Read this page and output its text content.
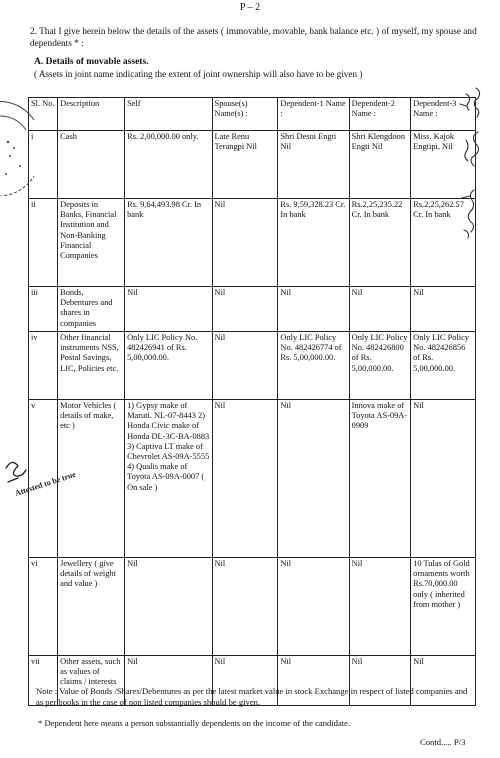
P – 2
2. That I give herein below the details of the assets ( immovable, movable, bank balance etc. ) of myself, my spouse and dependents * :
A. Details of movable assets.
( Assets in joint name indicating the extent of joint ownership will also have to be given )
Sl. No.	Description	Self	Spouse(s) Name(s) :	Dependent-1 Name :	Dependent-2 Name :	Dependent-3 Name :
i	Cash	Rs. 2,00,000.00 only.	Late Renu Terangpi Nil	Shri Desoi Engti Nil	Shri Klengdoon Engti Nil	Miss. Kajok Engtipi, Nil
ii	Deposits in Banks, Financial Institution and Non-Banking Financial Companies	Rs. 9,64,493.98 Cr. In bank	Nil	Rs. 9,59,328.23 Cr. In bank	Rs.2,25,235.22 Cr. In bank	Rs.2,25,262.57 Cr. In bank
iii	Bonds, Debentures and shares in companies	Nil	Nil	Nil	Nil	Nil
iv	Other financial instruments NSS, Postal Savings, LIC, Policies etc.	Only LIC Policy No. 482426941 of Rs. 5,00,000.00.	Nil	Only LIC Policy No. 482426774 of Rs. 5,00,000.00.	Only LIC Policy No. 482426800 of Rs. 5,00,000.00.	Only LIC Policy No. 482426856 of Rs. 5,00,000.00.
v	Motor Vehicles ( details of make, etc )	1) Gypsy make of Maruti. NL-07-8443 2) Honda Civic make of Honda DL-3C-BA-0883 3) Captiva LT make of Chevrolet AS-09A-5555 4) Qualis make of Toyota AS-09A-0007 ( On sale )	Nil	Nil	Innova make of Toyota AS-09A-0909	Nil
vi	Jewellery ( give details of weight and value )	Nil	Nil	Nil	Nil	10 Tulas of Gold ornaments worth Rs.70,000.00 only ( inherited from mother )
vii	Other assets, such as values of claims / interests	Nil	Nil	Nil	Nil	Nil
Note : Value of Bonds /Shares/Debentures as per the latest market value in stock Exchange in respect of listed companies and as per books in the case of non listed companies should be given.
* Dependent here means a person substantially dependents on the income of the candidate.
Contd..... P/3
Attested to be true
